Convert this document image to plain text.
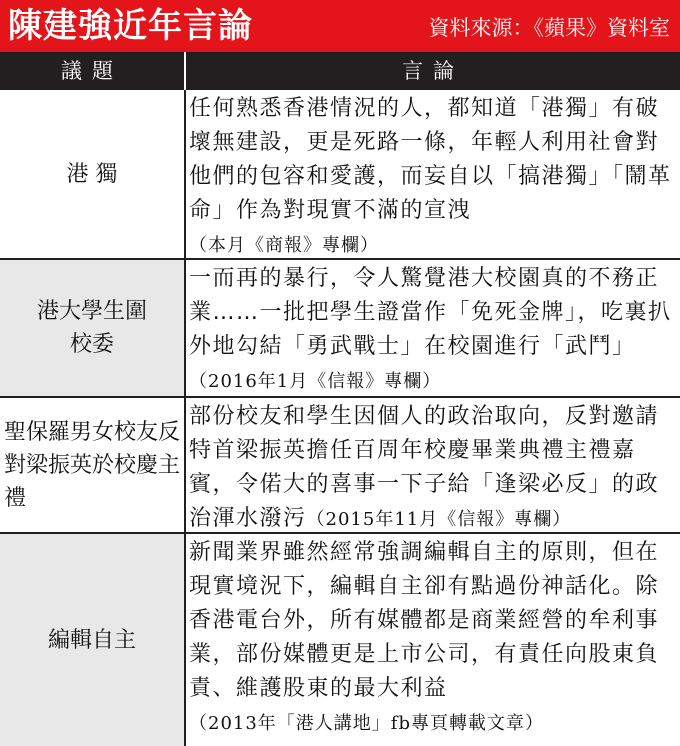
陳建強近年言論	資料來源：《蘋果》資料室
議題	言論
港 獨
任何熟悉香港情況的人，都知道「港獨」有破壞無建設，更是死路一條，年輕人利用社會對他們的包容和愛護，而妄自以「搞港獨」「鬧革命」作為對現實不滿的宣洩
（本月《商報》專欄）
港大學生圍校委
一而再的暴行，令人驚覺港大校園真的不務正業……一批把學生證當作「免死金牌」，吃裏扒外地勾結「勇武戰士」在校園進行「武鬥」
（2016年1月《信報》專欄）
聖保羅男女校友反對梁振英於校慶主禮
部份校友和學生因個人的政治取向，反對邀請特首梁振英擔任百周年校慶畢業典禮主禮嘉賓，令偌大的喜事一下子給「逢梁必反」的政治渾水潑污（2015年11月《信報》專欄）
編輯自主
新聞業界雖然經常強調編輯自主的原則，但在現實境況下，編輯自主卻有點過份神話化。除香港電台外，所有媒體都是商業經營的牟利事業，部份媒體更是上市公司，有責任向股東負責、維護股東的最大利益
（2013年「港人講地」fb專頁轉載文章）
